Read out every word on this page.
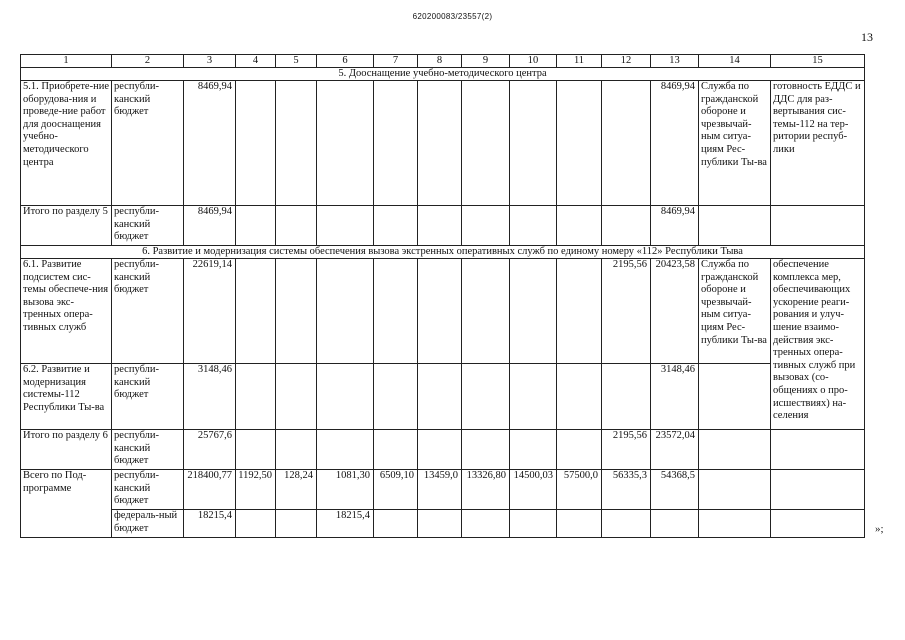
620200083/23557(2)
13
1	2	3	4	5	6	7	8	9	10	11	12	13	14	15
5. Дооснащение учебно-методического центра														
5.1. Приобрете-ние оборудова-ния и проведе-ние работ для дооснащения учебно-методического центра	республи-канский бюджет	8469,94										8469,94	Служба по гражданской обороне и чрезвычай-ным ситуа-циям Рес-публики Ты-ва	готовность ЕДДС и ДДС для раз-вертывания сис-темы-112 на тер-ритории респуб-лики
Итого по разделу 5	республи-канский бюджет	8469,94										8469,94		
6. Развитие и модернизация системы обеспечения вызова экстренных оперативных служб по единому номеру «112» Республики Тыва														
6.1. Развитие подсистем сис-темы обеспече-ния вызова экс-тренных опера-тивных служб	республи-канский бюджет	22619,14									2195,56	20423,58	Служба по гражданской обороне и чрезвычай-ным ситуа-циям Рес-публики Ты-ва	обеспечение комплекса мер, обеспечивающих ускорение реаги-рования и улуч-шение взаимо-действия экс-тренных опера-тивных служб при вызовах (со-общениях о про-исшествиях) на-селения
6.2. Развитие и модернизация системы-112 Республики Ты-ва	республи-канский бюджет	3148,46										3148,46		
Итого по разделу 6	республи-канский бюджет	25767,6									2195,56	23572,04		
Всего по Под-программе	республи-канский бюджет	218400,77	1192,50	128,24	1081,30	6509,10	13459,0	13326,80	14500,03	57500,0	56335,3	54368,5		
	федераль-ный бюджет	18215,4			18215,4									
»;
